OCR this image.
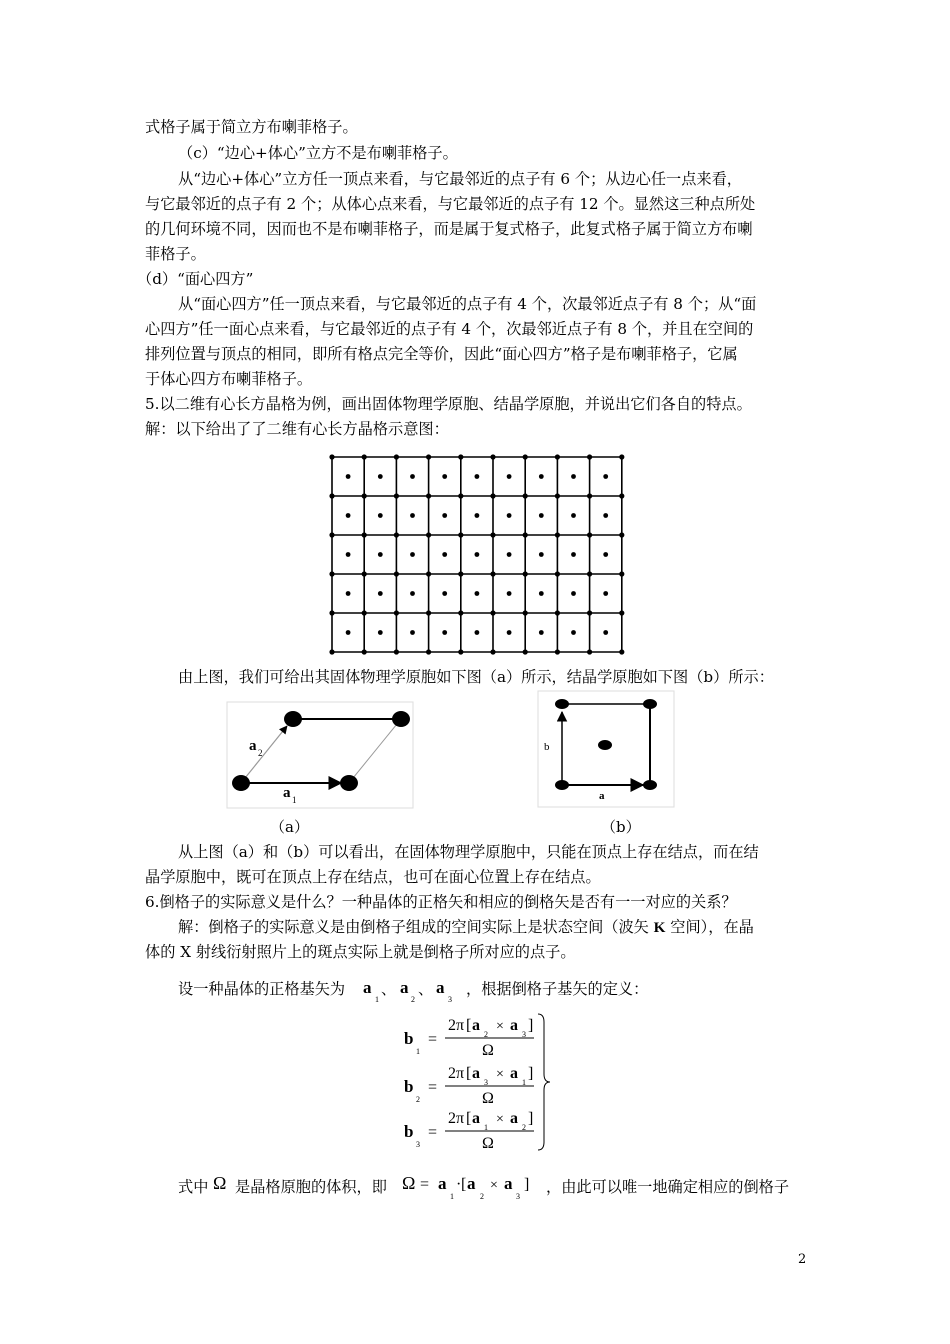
式格子属于简立方布喇菲格子。
（c）“边心+体心”立方不是布喇菲格子。
从“边心+体心”立方任一顶点来看，与它最邻近的点子有 6 个；从边心任一点来看，
与它最邻近的点子有 2 个；从体心点来看，与它最邻近的点子有 12 个。显然这三种点所处
的几何环境不同，因而也不是布喇菲格子，而是属于复式格子，此复式格子属于简立方布喇
菲格子。
（d）“面心四方”
从“面心四方”任一顶点来看，与它最邻近的点子有 4 个，次最邻近点子有 8 个；从“面
心四方”任一面心点来看，与它最邻近的点子有 4 个，次最邻近点子有 8 个，并且在空间的
排列位置与顶点的相同，即所有格点完全等价，因此“面心四方”格子是布喇菲格子，它属
于体心四方布喇菲格子。
5.以二维有心长方晶格为例，画出固体物理学原胞、结晶学原胞，并说出它们各自的特点。
解：以下给出了了二维有心长方晶格示意图：
由上图，我们可给出其固体物理学原胞如下图（a）所示，结晶学原胞如下图（b）所示：
a 2
a 1
b
a
（a）	（b）
从上图（a）和（b）可以看出，在固体物理学原胞中，只能在顶点上存在结点，而在结
晶学原胞中，既可在顶点上存在结点，也可在面心位置上存在结点。
6.倒格子的实际意义是什么？一种晶体的正格矢和相应的倒格矢是否有一一对应的关系？
解：倒格子的实际意义是由倒格子组成的空间实际上是状态空间（波矢 K 空间），在晶
体的 X 射线衍射照片上的斑点实际上就是倒格子所对应的点子。
设一种晶体的正格基矢为 a
1
、 a
2
、 a
3
，根据倒格子基矢的定义：
b
1
=
2π [ a
2
× a
3
]
Ω
b
2
=
2π [ a
3
× a
1
]
Ω
b
3
=
2π [ a
1
× a
2
]
Ω
式中 Ω 是晶格原胞的体积，即 Ω = a
1
· [ a
2
× a
3
] ，由此可以唯一地确定相应的倒格子
2
